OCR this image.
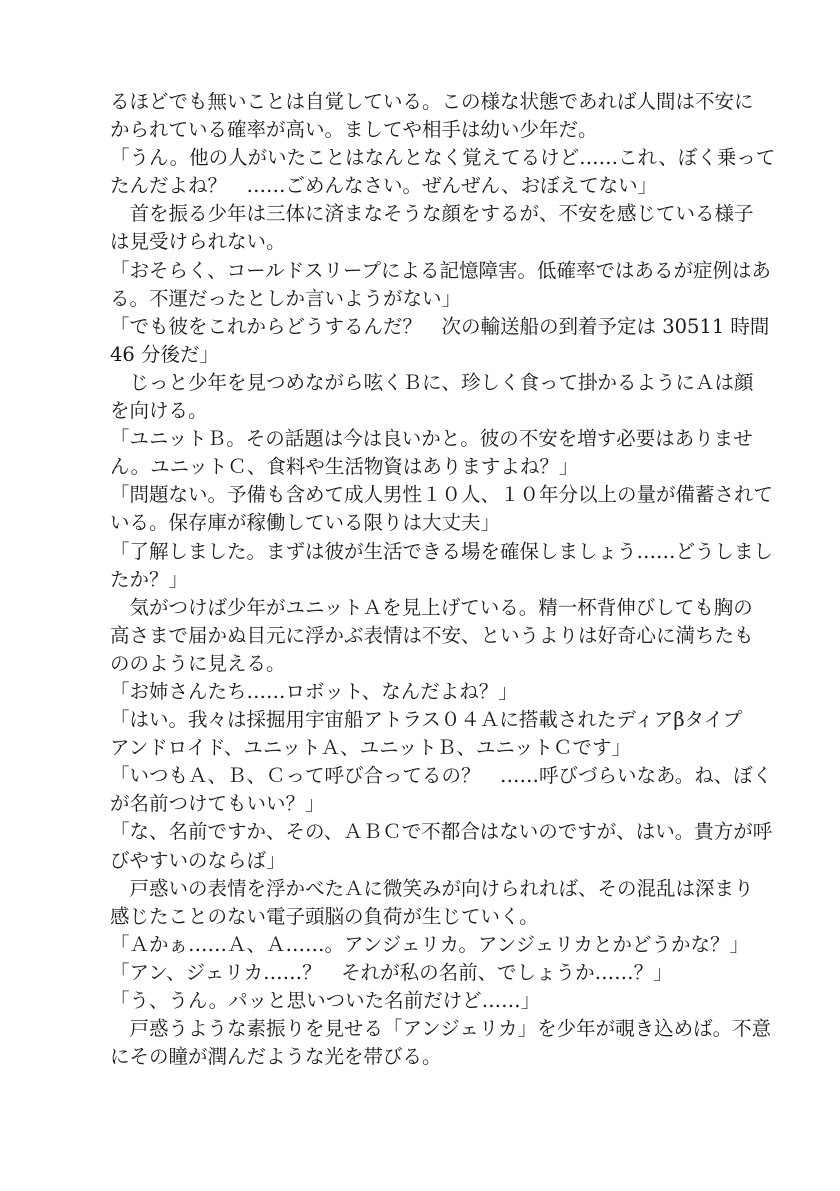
るほどでも無いことは自覚している。この様な状態であれば人間は不安に
かられている確率が高い。ましてや相手は幼い少年だ。
「うん。他の人がいたことはなんとなく覚えてるけど……これ、ぼく乗って
たんだよね？　……ごめんなさい。ぜんぜん、おぼえてない」
　首を振る少年は三体に済まなそうな顔をするが、不安を感じている様子
は見受けられない。
「おそらく、コールドスリープによる記憶障害。低確率ではあるが症例はあ
る。不運だったとしか言いようがない」
「でも彼をこれからどうするんだ？　次の輸送船の到着予定は 30511 時間
46 分後だ」
　じっと少年を見つめながら呟くＢに、珍しく食って掛かるようにＡは顔
を向ける。
「ユニットＢ。その話題は今は良いかと。彼の不安を増す必要はありませ
ん。ユニットＣ、食料や生活物資はありますよね？」
「問題ない。予備も含めて成人男性１０人、１０年分以上の量が備蓄されて
いる。保存庫が稼働している限りは大丈夫」
「了解しました。まずは彼が生活できる場を確保しましょう……どうしまし
たか？」
　気がつけば少年がユニットＡを見上げている。精一杯背伸びしても胸の
高さまで届かぬ目元に浮かぶ表情は不安、というよりは好奇心に満ちたも
ののように見える。
「お姉さんたち……ロボット、なんだよね？」
「はい。我々は採掘用宇宙船アトラス０４Ａに搭載されたディアβタイプ
アンドロイド、ユニットＡ、ユニットＢ、ユニットＣです」
「いつもＡ、Ｂ、Ｃって呼び合ってるの？　……呼びづらいなあ。ね、ぼく
が名前つけてもいい？」
「な、名前ですか、その、ＡＢＣで不都合はないのですが、はい。貴方が呼
びやすいのならば」
　戸惑いの表情を浮かべたＡに微笑みが向けられれば、その混乱は深まり
感じたことのない電子頭脳の負荷が生じていく。
「Ａかぁ……Ａ、Ａ……。アンジェリカ。アンジェリカとかどうかな？」
「アン、ジェリカ……？　それが私の名前、でしょうか……？」
「う、うん。パッと思いついた名前だけど……」
　戸惑うような素振りを見せる「アンジェリカ」を少年が覗き込めば。不意
にその瞳が潤んだような光を帯びる。
